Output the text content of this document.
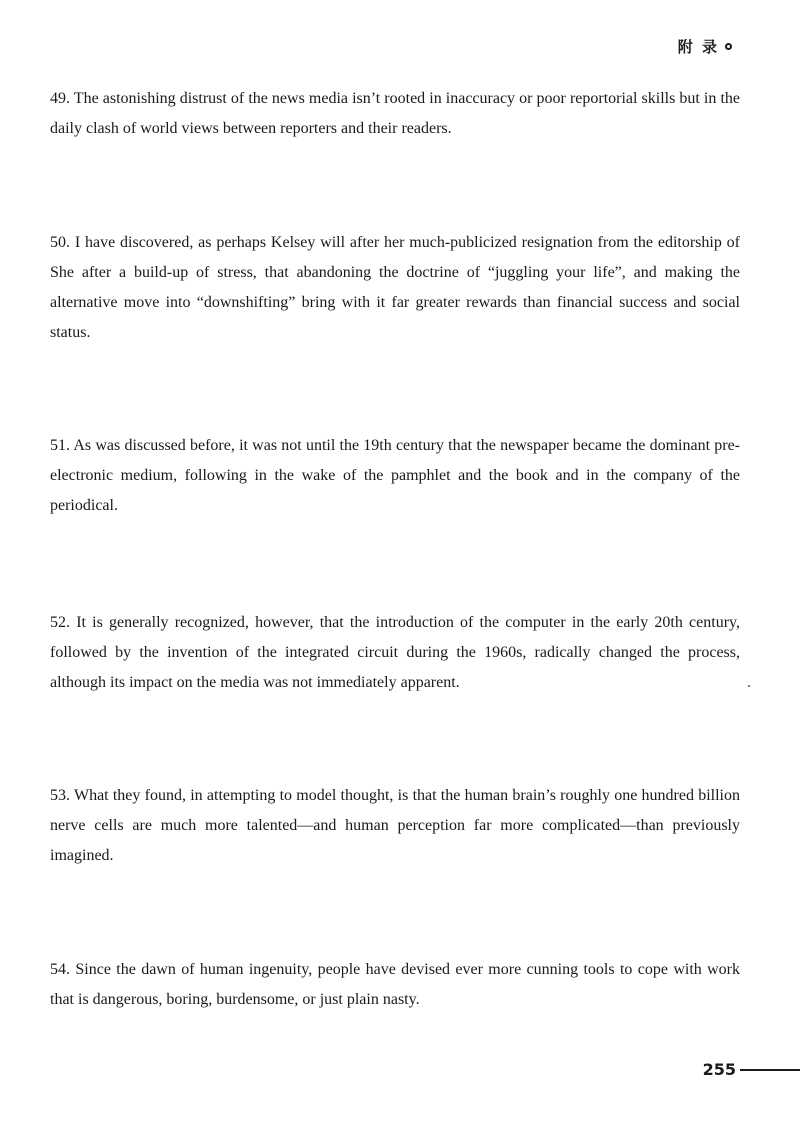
附 录

49. The astonishing distrust of the news media isn’t rooted in inaccuracy or poor reportorial skills but in the daily clash of world views between reporters and their readers.

50. I have discovered, as perhaps Kelsey will after her much-publicized resignation from the editorship of She after a build-up of stress, that abandoning the doctrine of “juggling your life”, and making the alternative move into “downshifting” bring with it far greater rewards than financial success and social status.

51. As was discussed before, it was not until the 19th century that the newspaper became the dominant pre-electronic medium, following in the wake of the pamphlet and the book and in the company of the periodical.

52. It is generally recognized, however, that the introduction of the computer in the early 20th century, followed by the invention of the integrated circuit during the 1960s, radically changed the process, although its impact on the media was not immediately apparent.

53. What they found, in attempting to model thought, is that the human brain’s roughly one hundred billion nerve cells are much more talented—and human perception far more complicated—than previously imagined.

54. Since the dawn of human ingenuity, people have devised ever more cunning tools to cope with work that is dangerous, boring, burdensome, or just plain nasty.

255
